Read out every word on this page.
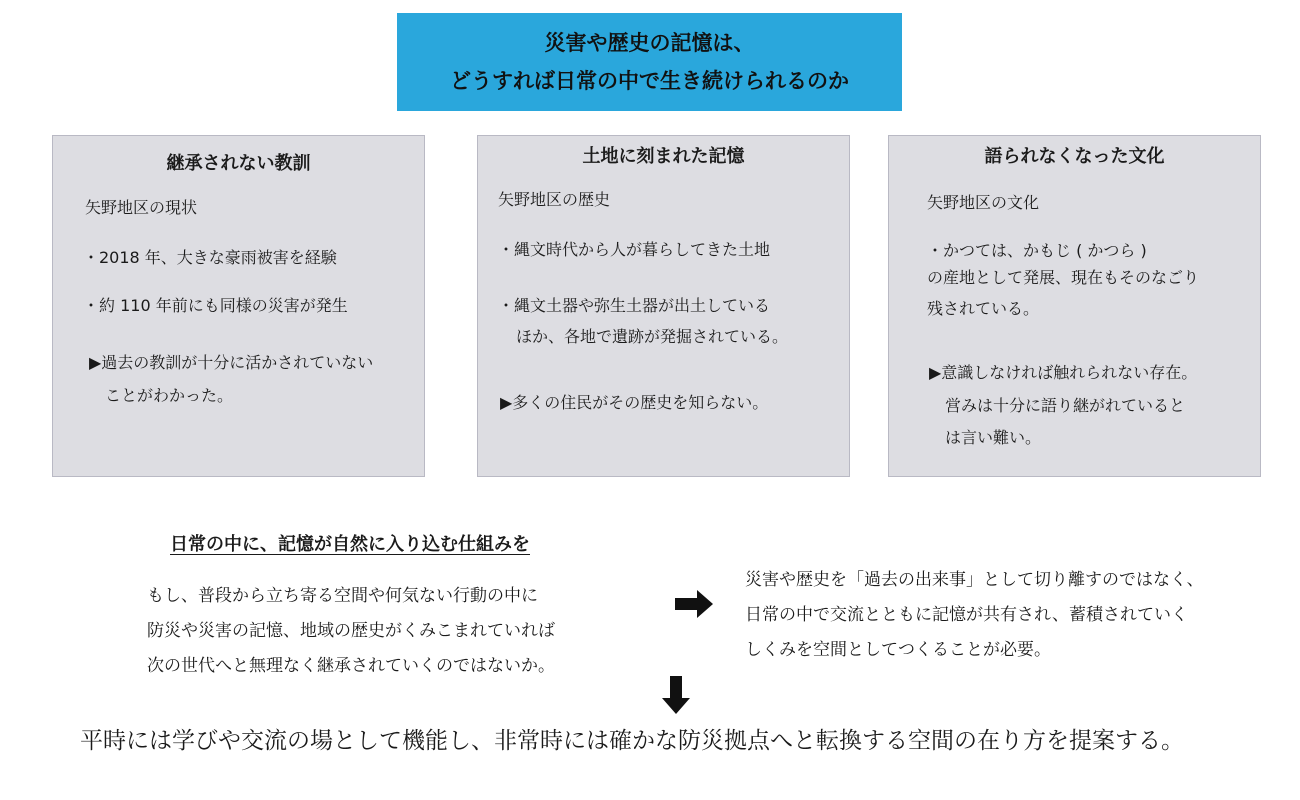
災害や歴史の記憶は、
どうすれば日常の中で生き続けられるのか
継承されない教訓
矢野地区の現状
・2018 年、大きな豪雨被害を経験
・約 110 年前にも同様の災害が発生
▶過去の教訓が十分に活かされていない
ことがわかった。
土地に刻まれた記憶
矢野地区の歴史
・縄文時代から人が暮らしてきた土地
・縄文土器や弥生土器が出土している
ほか、各地で遺跡が発掘されている。
▶多くの住民がその歴史を知らない。
語られなくなった文化
矢野地区の文化
・かつては、かもじ ( かつら )
の産地として発展、現在もそのなごり
残されている。
▶意識しなければ触れられない存在。
営みは十分に語り継がれていると
は言い難い。
日常の中に、記憶が自然に入り込む仕組みを
もし、普段から立ち寄る空間や何気ない行動の中に
防災や災害の記憶、地域の歴史がくみこまれていれば
次の世代へと無理なく継承されていくのではないか。
災害や歴史を「過去の出来事」として切り離すのではなく、
日常の中で交流とともに記憶が共有され、蓄積されていく
しくみを空間としてつくることが必要。
平時には学びや交流の場として機能し、非常時には確かな防災拠点へと転換する空間の在り方を提案する。
